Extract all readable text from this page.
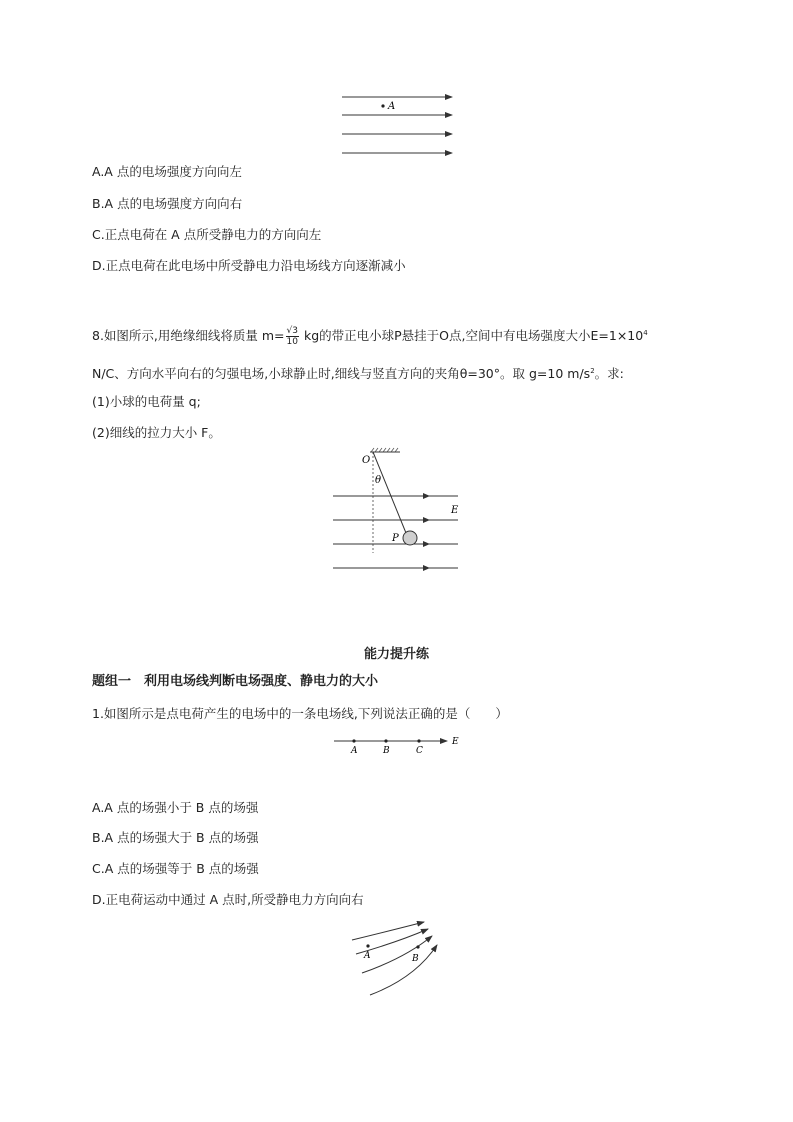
A
O
θ
E
P
A	B	C
E
A	B
A.A 点的电场强度方向向左
B.A 点的电场强度方向向右
C.正点电荷在 A 点所受静电力的方向向左
D.正点电荷在此电场中所受静电力沿电场线方向逐渐减小
8.如图所示,用绝缘细线将质量 $m= \frac{√3}{10}$ kg的带正电小球P悬挂于O点,空间中有电场强度大小$E=1\times 10^4$
N/C、方向水平向右的匀强电场,小球静止时,细线与竖直方向的夹角θ=30°。取 g=10 $m/s^2$。求:
(1)小球的电荷量 q;
(2)细线的拉力大小 F。
能力提升练
题组一　利用电场线判断电场强度、静电力的大小
1.如图所示是点电荷产生的电场中的一条电场线,下列说法正确的是（　　）
A.A 点的场强小于 B 点的场强
B.A 点的场强大于 B 点的场强
C.A 点的场强等于 B 点的场强
D.正电荷运动中通过 A 点时,所受静电力方向向右
